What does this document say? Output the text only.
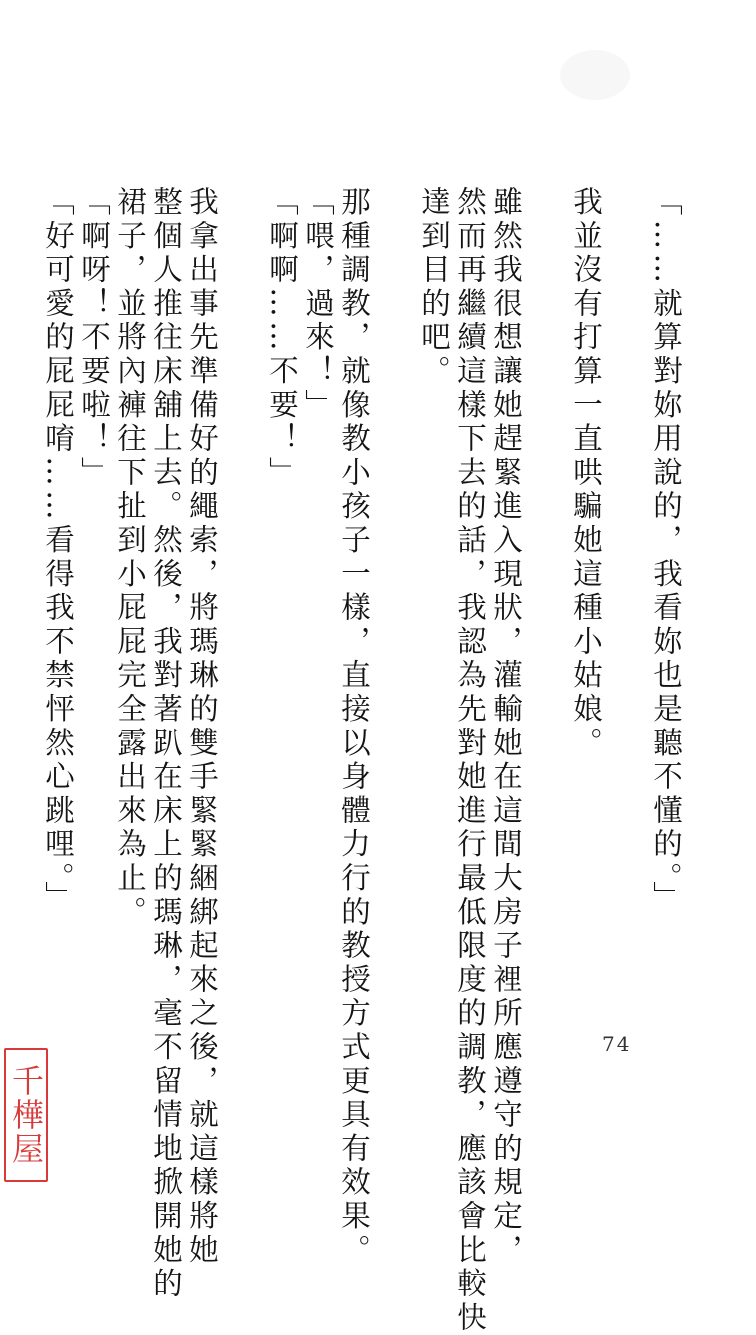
「……就算對妳用說的，我看妳也是聽不懂的。」
我並沒有打算一直哄騙她這種小姑娘。
雖然我很想讓她趕緊進入現狀，灌輸她在這間大房子裡所應遵守的規定，
然而再繼續這樣下去的話，我認為先對她進行最低限度的調教，應該會比較快
達到目的吧。
那種調教，就像教小孩子一樣，直接以身體力行的教授方式更具有效果。
「喂，過來！」
「啊啊……不要！」
我拿出事先準備好的繩索，將瑪琳的雙手緊緊綑綁起來之後，就這樣將她
整個人推往床舖上去。然後，我對著趴在床上的瑪琳，毫不留情地掀開她的
裙子，並將內褲往下扯到小屁屁完全露出來為止。
「啊呀！不要啦！」
「好可愛的屁屁唷……看得我不禁怦然心跳哩。」
74
千樺屋
